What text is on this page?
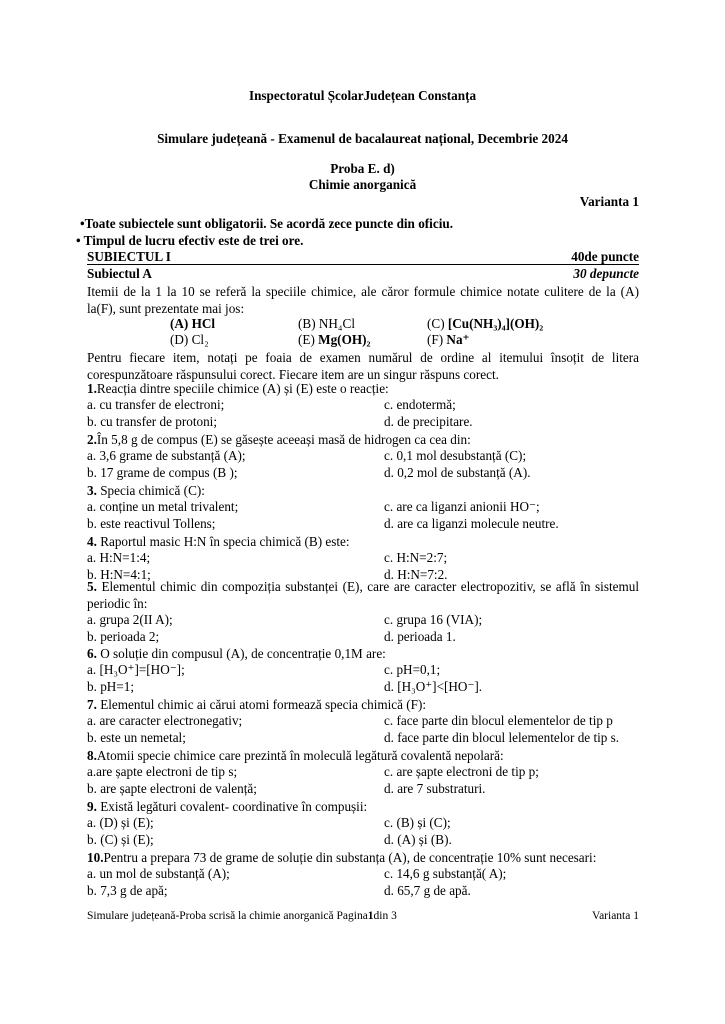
Inspectoratul ȘcolarJudețean Constanța
Simulare județeană - Examenul de bacalaureat național, Decembrie 2024
Proba E. d)
Chimie anorganică
Varianta 1
•Toate subiectele sunt obligatorii. Se acordă zece puncte din oficiu.
• Timpul de lucru efectiv este de trei ore.
SUBIECTUL I	40de puncte
Subiectul A	30 depuncte
Itemii de la 1 la 10 se referă la speciile chimice, ale căror formule chimice notate culitere de la (A) la(F), sunt prezentate mai jos:
(A) HCl	(B) NH₄Cl	(C) [Cu(NH₃)₄](OH)₂
(D) Cl₂	(E) Mg(OH)₂	(F) Na⁺
Pentru fiecare item, notați pe foaia de examen numărul de ordine al itemului însoțit de litera corespunzătoare răspunsului corect. Fiecare item are un singur răspuns corect.
1.Reacția dintre speciile chimice (A) și (E) este o reacție:
a. cu transfer de electroni;	c. endotermă;
b. cu transfer de protoni;	d. de precipitare.
2.În 5,8 g de compus (E) se găsește aceeași masă de hidrogen ca cea din:
a. 3,6 grame de substanță (A);	c. 0,1 mol desubstanță (C);
b. 17 grame de compus (B );	d. 0,2 mol de substanță (A).
3. Specia chimică (C):
a. conține un metal trivalent;	c. are ca liganzi anionii HO⁻;
b. este reactivul Tollens;	d. are ca liganzi molecule neutre.
4. Raportul masic H:N în specia chimică (B) este:
a. H:N=1:4;	c. H:N=2:7;
b. H:N=4:1;	d. H:N=7:2.
5. Elementul chimic din compoziția substanței (E), care are caracter electropozitiv, se află în sistemul periodic în:
a. grupa 2(II A);	c. grupa 16 (VIA);
b. perioada 2;	d. perioada 1.
6. O soluție din compusul (A), de concentrație 0,1M are:
a. [H₃O⁺]=[HO⁻];	c. pH=0,1;
b. pH=1;	d. [H₃O⁺]<[HO⁻].
7. Elementul chimic ai cărui atomi formează specia chimică (F):
a. are caracter electronegativ;	c. face parte din blocul elementelor de tip p
b. este un nemetal;	d. face parte din blocul lelementelor de tip s.
8.Atomii specie chimice care prezintă în moleculă legătură covalentă nepolară:
a.are șapte electroni de tip s;	c. are șapte electroni de tip p;
b. are șapte electroni de valență;	d. are 7 substraturi.
9. Există legături covalent- coordinative în compușii:
a. (D) și (E);	c. (B) și (C);
b. (C) și (E);	d. (A) și (B).
10.Pentru a prepara 73 de grame de soluție din substanța (A), de concentrație 10% sunt necesari:
a. un mol de substanță (A);	c. 14,6 g substanță( A);
b. 7,3 g de apă;	d. 65,7 g de apă.
Simulare județeană-Proba scrisă la chimie anorganică Pagina1din 3	Varianta 1
